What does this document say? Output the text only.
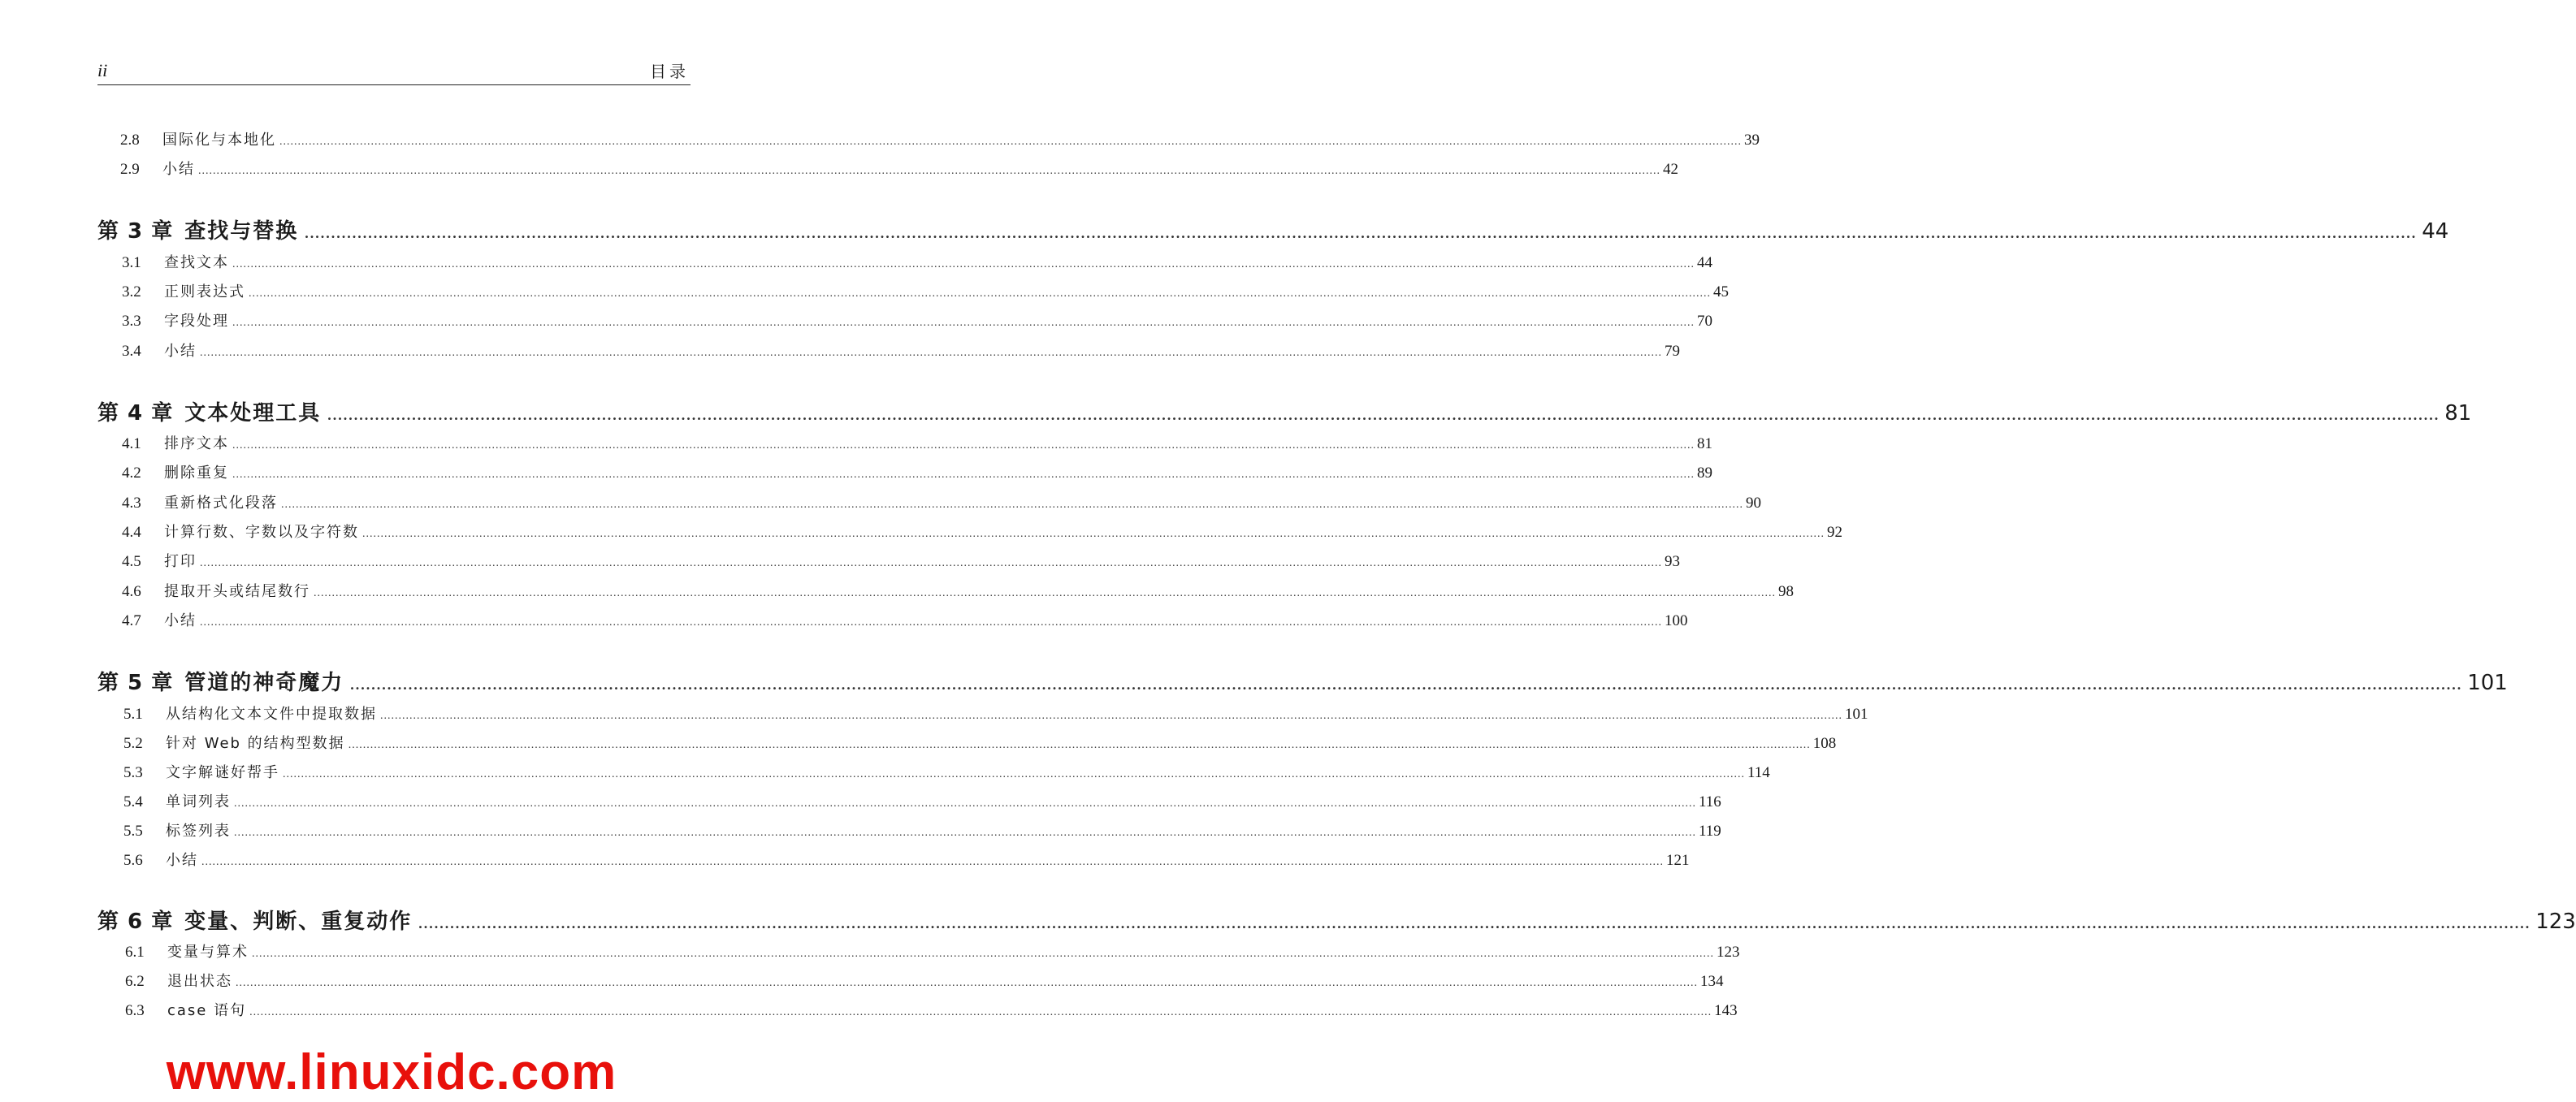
ii	目录
2.8	国际化与本地化 ................................................................................................................................................................................................................................................................................................................................................................................................................ 39
2.9	小结 ................................................................................................................................................................................................................................................................................................................................................................................................................ 42
第 3 章 查找与替换 ................................................................................................................................................................................................................................................................................................................................................................................................................ 44
3.1	查找文本 ................................................................................................................................................................................................................................................................................................................................................................................................................ 44
3.2	正则表达式 ................................................................................................................................................................................................................................................................................................................................................................................................................ 45
3.3	字段处理 ................................................................................................................................................................................................................................................................................................................................................................................................................ 70
3.4	小结 ................................................................................................................................................................................................................................................................................................................................................................................................................ 79
第 4 章 文本处理工具 ................................................................................................................................................................................................................................................................................................................................................................................................................ 81
4.1	排序文本 ................................................................................................................................................................................................................................................................................................................................................................................................................ 81
4.2	删除重复 ................................................................................................................................................................................................................................................................................................................................................................................................................ 89
4.3	重新格式化段落 ................................................................................................................................................................................................................................................................................................................................................................................................................ 90
4.4	计算行数、字数以及字符数 ................................................................................................................................................................................................................................................................................................................................................................................................................ 92
4.5	打印 ................................................................................................................................................................................................................................................................................................................................................................................................................ 93
4.6	提取开头或结尾数行 ................................................................................................................................................................................................................................................................................................................................................................................................................ 98
4.7	小结 ................................................................................................................................................................................................................................................................................................................................................................................................................ 100
第 5 章 管道的神奇魔力 ................................................................................................................................................................................................................................................................................................................................................................................................................ 101
5.1	从结构化文本文件中提取数据 ................................................................................................................................................................................................................................................................................................................................................................................................................ 101
5.2	针对 Web 的结构型数据 ................................................................................................................................................................................................................................................................................................................................................................................................................ 108
5.3	文字解谜好帮手 ................................................................................................................................................................................................................................................................................................................................................................................................................ 114
5.4	单词列表 ................................................................................................................................................................................................................................................................................................................................................................................................................ 116
5.5	标签列表 ................................................................................................................................................................................................................................................................................................................................................................................................................ 119
5.6	小结 ................................................................................................................................................................................................................................................................................................................................................................................................................ 121
第 6 章 变量、判断、重复动作 ................................................................................................................................................................................................................................................................................................................................................................................................................ 123
6.1	变量与算术 ................................................................................................................................................................................................................................................................................................................................................................................................................ 123
6.2	退出状态 ................................................................................................................................................................................................................................................................................................................................................................................................................ 134
6.3	case 语句 ................................................................................................................................................................................................................................................................................................................................................................................................................ 143
www.linuxidc.com
